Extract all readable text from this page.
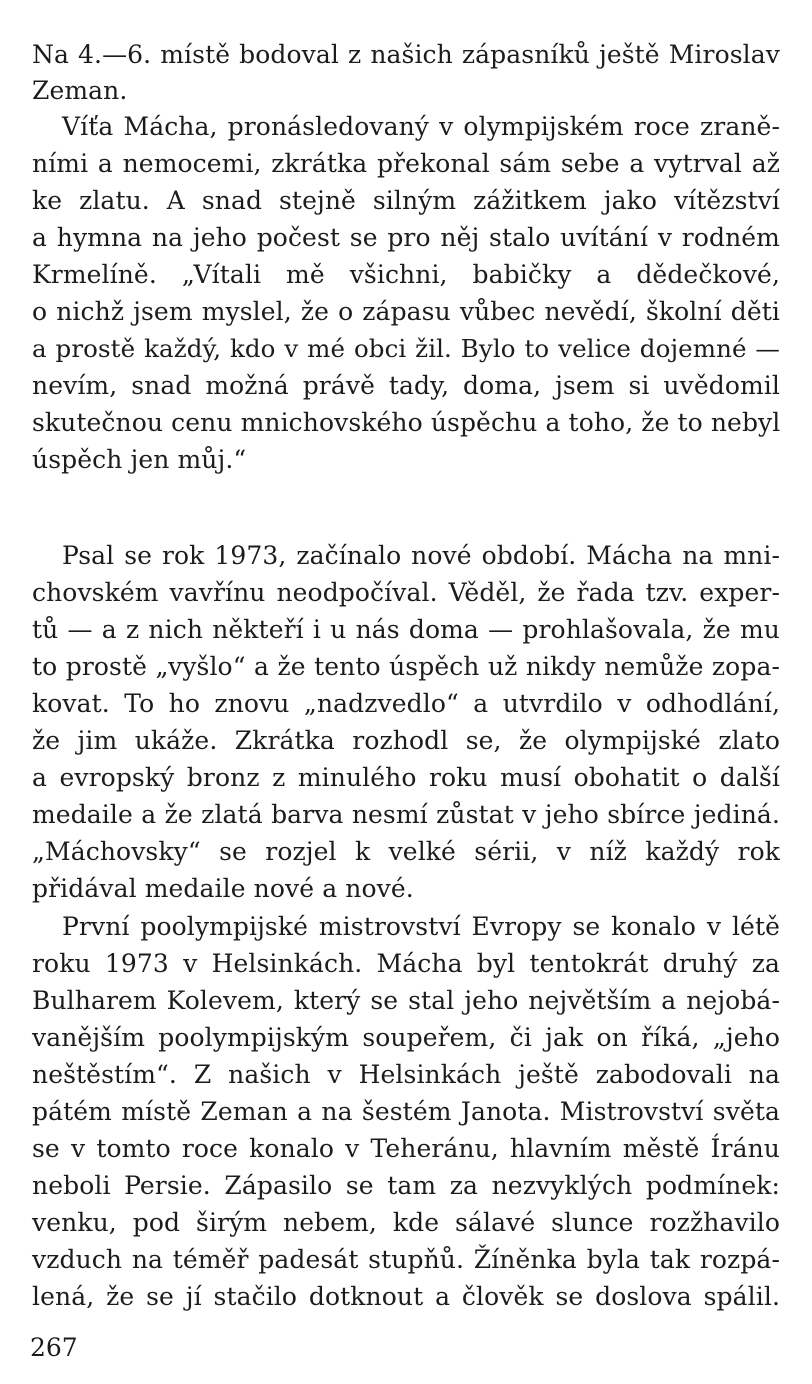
Na 4.—6. místě bodoval z našich zápasníků ještě Miroslav
Zeman.
Víťa Mácha, pronásledovaný v olympijském roce zraně-
ními a nemocemi, zkrátka překonal sám sebe a vytrval až
ke zlatu. A snad stejně silným zážitkem jako vítězství
a hymna na jeho počest se pro něj stalo uvítání v rodném
Krmelíně. „Vítali mě všichni, babičky a dědečkové,
o nichž jsem myslel, že o zápasu vůbec nevědí, školní děti
a prostě každý, kdo v mé obci žil. Bylo to velice dojemné —
nevím, snad možná právě tady, doma, jsem si uvědomil
skutečnou cenu mnichovského úspěchu a toho, že to nebyl
úspěch jen můj.“
Psal se rok 1973, začínalo nové období. Mácha na mni-
chovském vavřínu neodpočíval. Věděl, že řada tzv. exper-
tů — a z nich někteří i u nás doma — prohlašovala, že mu
to prostě „vyšlo“ a že tento úspěch už nikdy nemůže zopa-
kovat. To ho znovu „nadzvedlo“ a utvrdilo v odhodlání,
že jim ukáže. Zkrátka rozhodl se, že olympijské zlato
a evropský bronz z minulého roku musí obohatit o další
medaile a že zlatá barva nesmí zůstat v jeho sbírce jediná.
„Máchovsky“ se rozjel k velké sérii, v níž každý rok
přidával medaile nové a nové.
První poolympijské mistrovství Evropy se konalo v létě
roku 1973 v Helsinkách. Mácha byl tentokrát druhý za
Bulharem Kolevem, který se stal jeho největším a nejobá-
vanějším poolympijským soupeřem, či jak on říká, „jeho
neštěstím“. Z našich v Helsinkách ještě zabodovali na
pátém místě Zeman a na šestém Janota. Mistrovství světa
se v tomto roce konalo v Teheránu, hlavním městě Íránu
neboli Persie. Zápasilo se tam za nezvyklých podmínek:
venku, pod širým nebem, kde sálavé slunce rozžhavilo
vzduch na téměř padesát stupňů. Žíněnka byla tak rozpá-
lená, že se jí stačilo dotknout a člověk se doslova spálil.
267
